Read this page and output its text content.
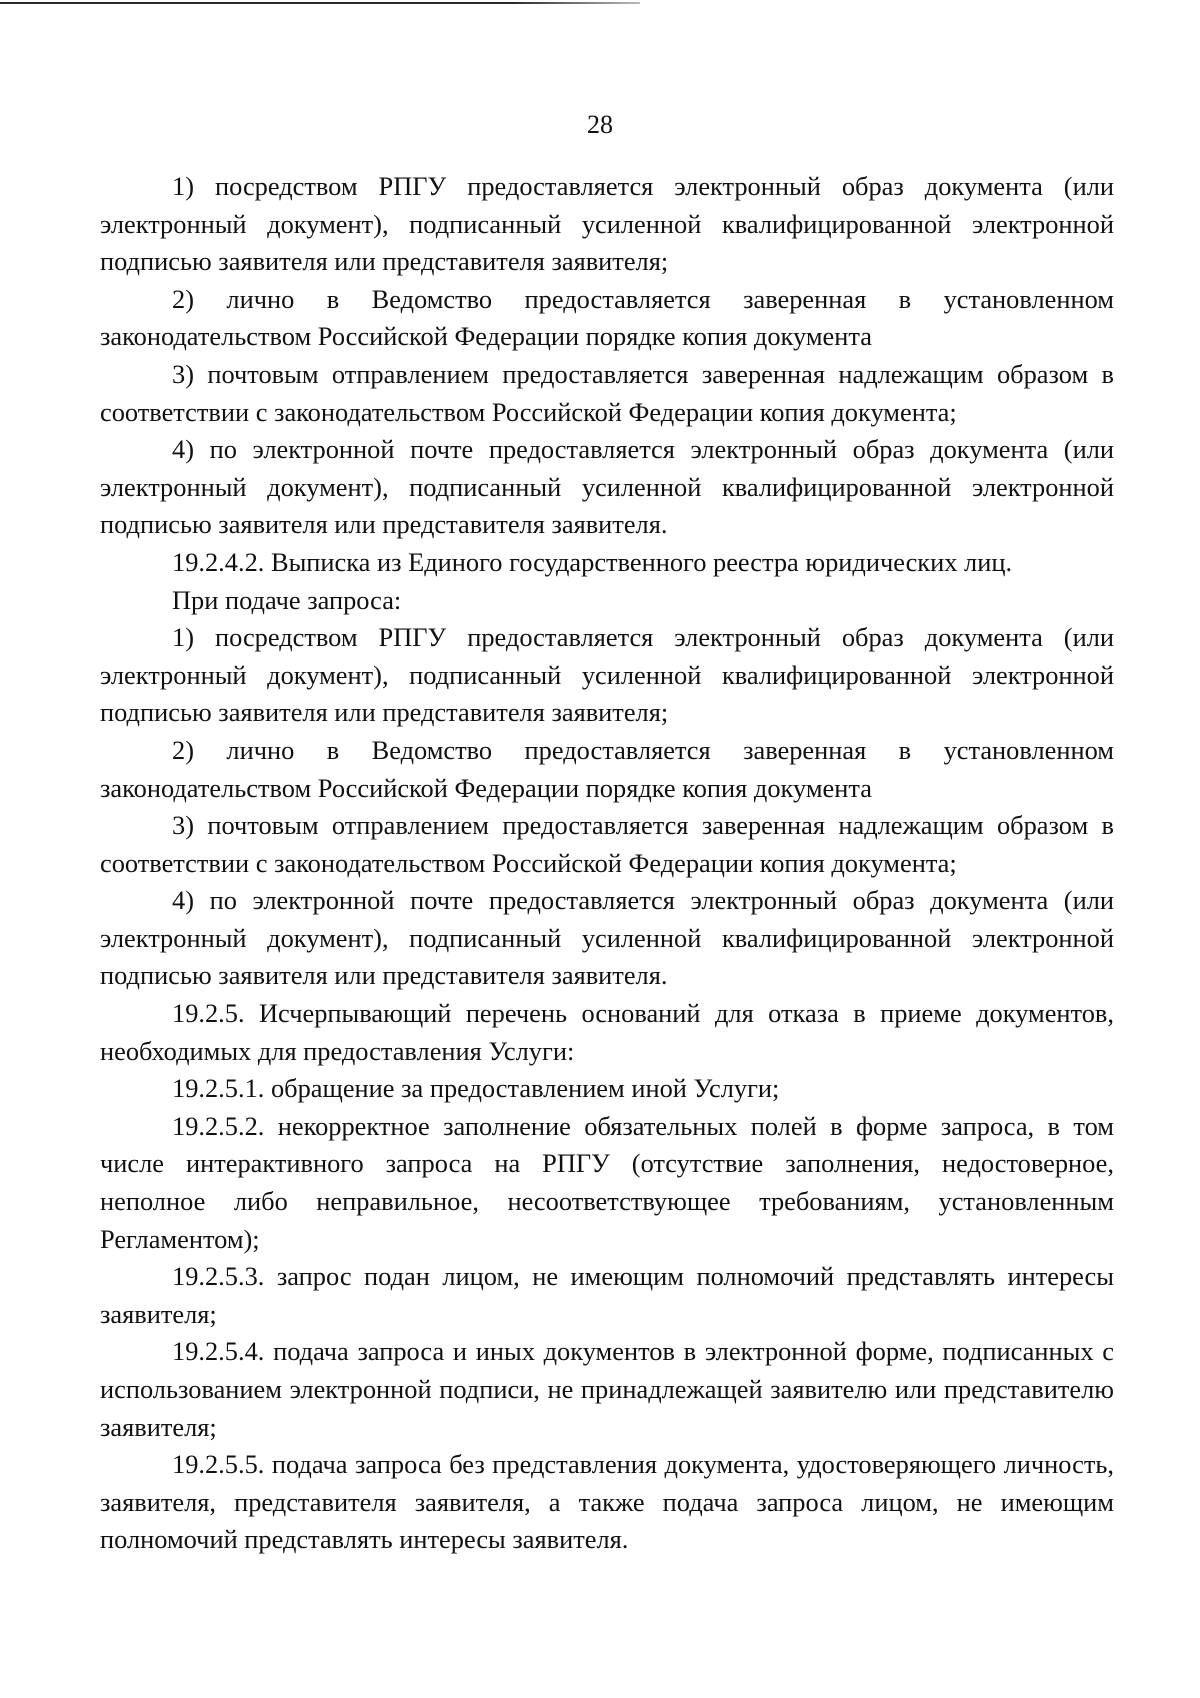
28

1) посредством РПГУ предоставляется электронный образ документа (или электронный документ), подписанный усиленной квалифицированной электронной подписью заявителя или представителя заявителя;

2) лично в Ведомство предоставляется заверенная в установленном законодательством Российской Федерации порядке копия документа

3) почтовым отправлением предоставляется заверенная надлежащим образом в соответствии с законодательством Российской Федерации копия документа;

4) по электронной почте предоставляется электронный образ документа (или электронный документ), подписанный усиленной квалифицированной электронной подписью заявителя или представителя заявителя.

19.2.4.2. Выписка из Единого государственного реестра юридических лиц.

При подаче запроса:

1) посредством РПГУ предоставляется электронный образ документа (или электронный документ), подписанный усиленной квалифицированной электронной подписью заявителя или представителя заявителя;

2) лично в Ведомство предоставляется заверенная в установленном законодательством Российской Федерации порядке копия документа

3) почтовым отправлением предоставляется заверенная надлежащим образом в соответствии с законодательством Российской Федерации копия документа;

4) по электронной почте предоставляется электронный образ документа (или электронный документ), подписанный усиленной квалифицированной электронной подписью заявителя или представителя заявителя.

19.2.5. Исчерпывающий перечень оснований для отказа в приеме документов, необходимых для предоставления Услуги:

19.2.5.1. обращение за предоставлением иной Услуги;

19.2.5.2. некорректное заполнение обязательных полей в форме запроса, в том числе интерактивного запроса на РПГУ (отсутствие заполнения, недостоверное, неполное либо неправильное, несоответствующее требованиям, установленным Регламентом);

19.2.5.3. запрос подан лицом, не имеющим полномочий представлять интересы заявителя;

19.2.5.4. подача запроса и иных документов в электронной форме, подписанных с использованием электронной подписи, не принадлежащей заявителю или представителю заявителя;

19.2.5.5. подача запроса без представления документа, удостоверяющего личность, заявителя, представителя заявителя, а также подача запроса лицом, не имеющим полномочий представлять интересы заявителя.
